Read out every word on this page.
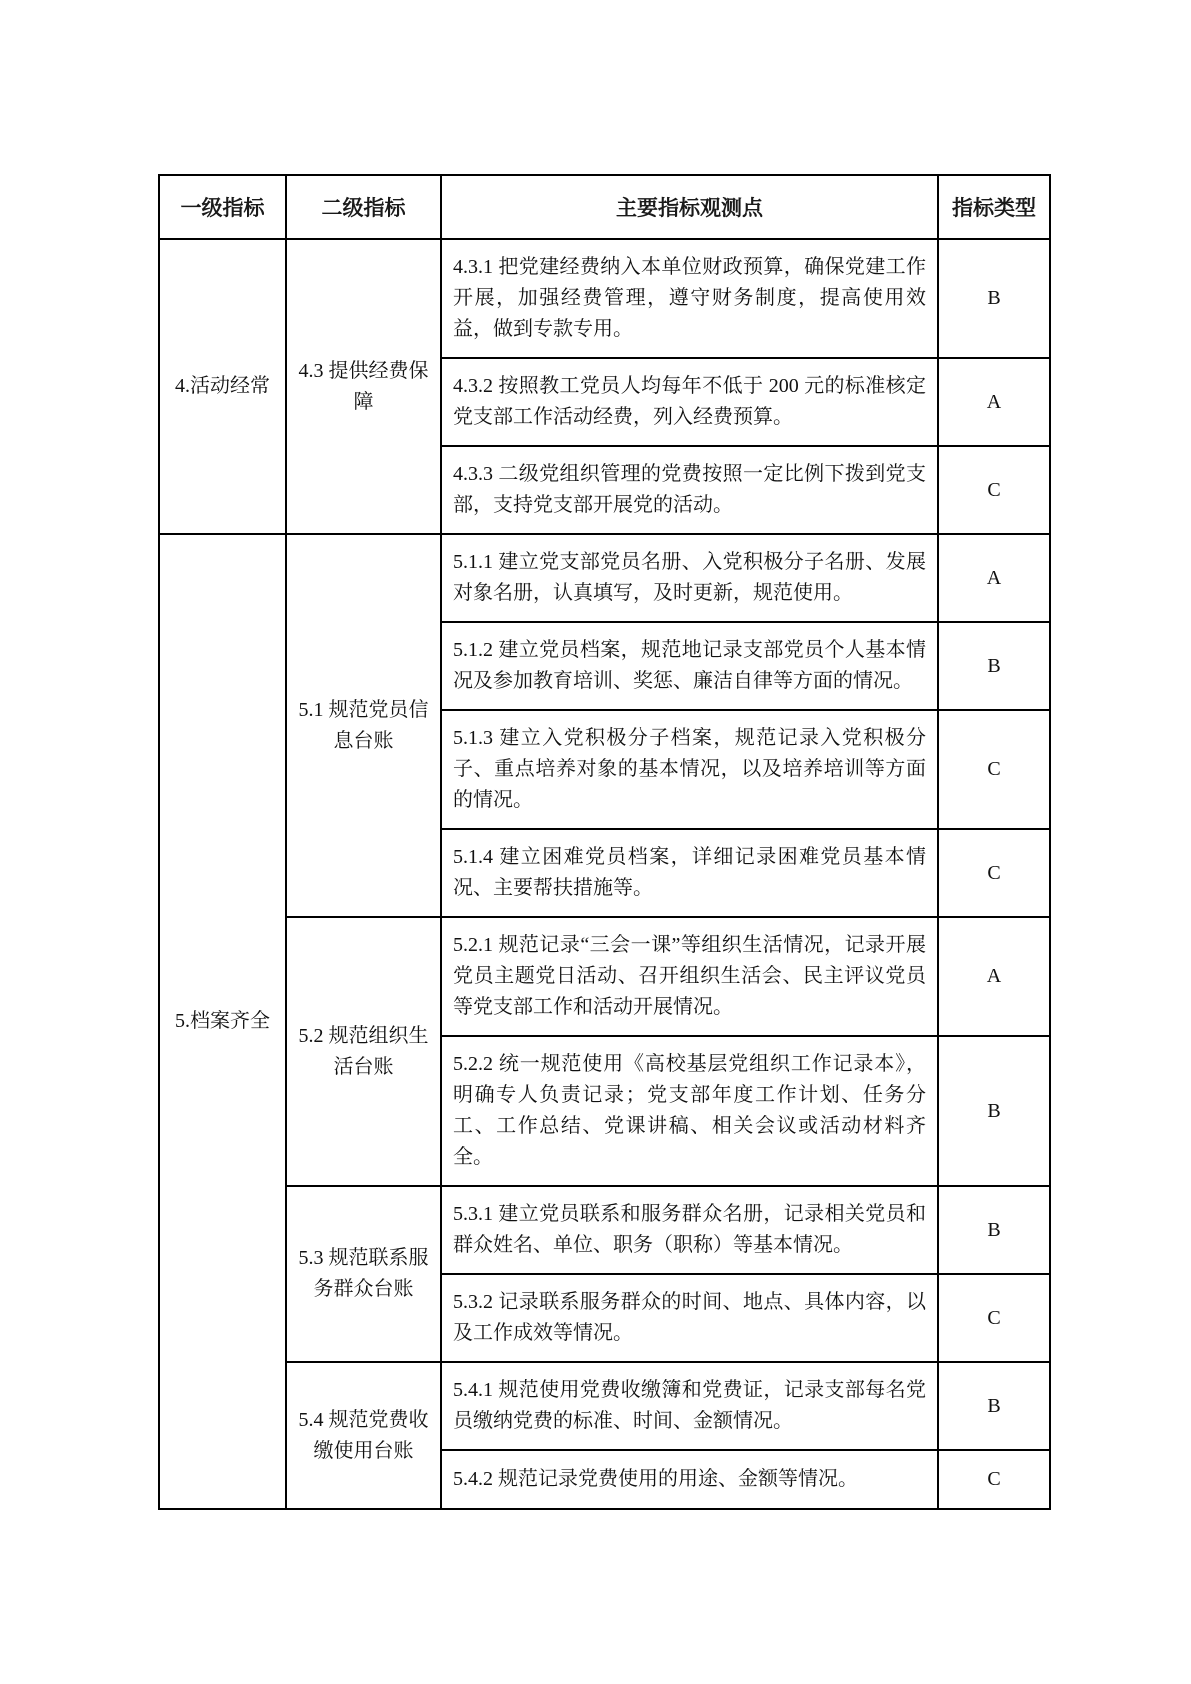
一级指标	二级指标	主要指标观测点	指标类型
4.活动经常	4.3 提供经费保障	4.3.1 把党建经费纳入本单位财政预算，确保党建工作开展，加强经费管理，遵守财务制度，提高使用效益，做到专款专用。	B
		4.3.2 按照教工党员人均每年不低于 200 元的标准核定党支部工作活动经费，列入经费预算。	A
		4.3.3 二级党组织管理的党费按照一定比例下拨到党支部，支持党支部开展党的活动。	C
5.档案齐全	5.1 规范党员信息台账	5.1.1 建立党支部党员名册、入党积极分子名册、发展对象名册，认真填写，及时更新，规范使用。	A
		5.1.2 建立党员档案，规范地记录支部党员个人基本情况及参加教育培训、奖惩、廉洁自律等方面的情况。	B
		5.1.3 建立入党积极分子档案，规范记录入党积极分子、重点培养对象的基本情况，以及培养培训等方面的情况。	C
		5.1.4 建立困难党员档案，详细记录困难党员基本情况、主要帮扶措施等。	C
	5.2 规范组织生活台账	5.2.1 规范记录“三会一课”等组织生活情况，记录开展党员主题党日活动、召开组织生活会、民主评议党员等党支部工作和活动开展情况。	A
		5.2.2 统一规范使用《高校基层党组织工作记录本》，明确专人负责记录；党支部年度工作计划、任务分工、工作总结、党课讲稿、相关会议或活动材料齐全。	B
	5.3 规范联系服务群众台账	5.3.1 建立党员联系和服务群众名册，记录相关党员和群众姓名、单位、职务（职称）等基本情况。	B
		5.3.2 记录联系服务群众的时间、地点、具体内容，以及工作成效等情况。	C
	5.4 规范党费收缴使用台账	5.4.1 规范使用党费收缴簿和党费证，记录支部每名党员缴纳党费的标准、时间、金额情况。	B
		5.4.2 规范记录党费使用的用途、金额等情况。	C
